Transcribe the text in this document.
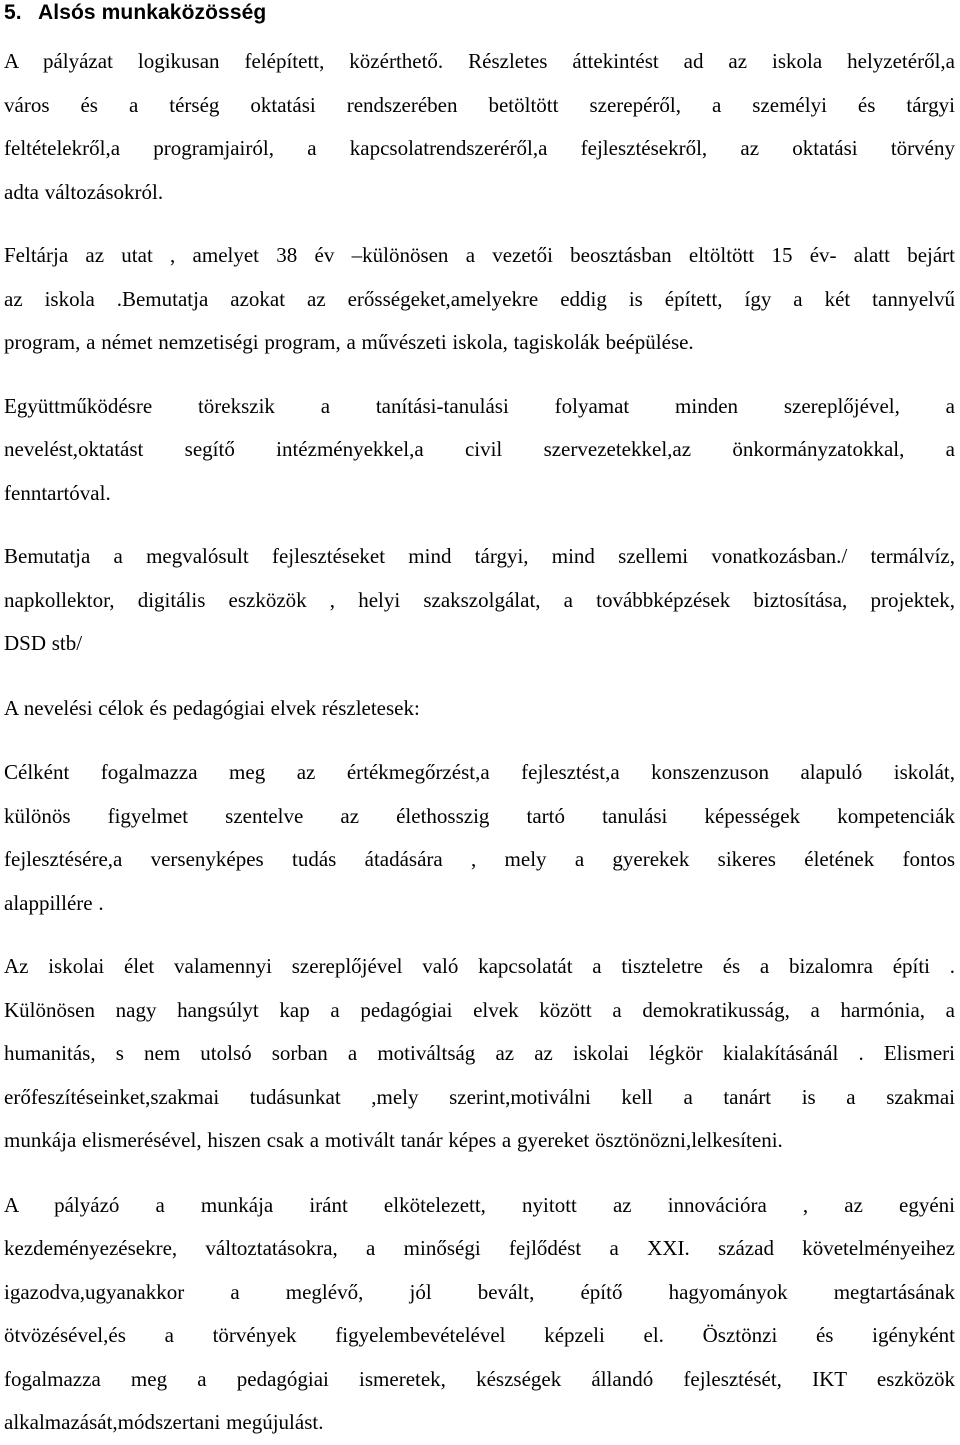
5. Alsós munkaközösség

A pályázat logikusan felépített, közérthető. Részletes áttekintést ad az iskola helyzetéről,a
város és a térség oktatási rendszerében betöltött szerepéről, a személyi és tárgyi
feltételekről,a programjairól, a kapcsolatrendszeréről,a fejlesztésekről, az oktatási törvény
adta változásokról.

Feltárja az utat , amelyet 38 év –különösen a vezetői beosztásban eltöltött 15 év- alatt bejárt
az iskola .Bemutatja azokat az erősségeket,amelyekre eddig is épített, így a két tannyelvű
program, a német nemzetiségi program, a művészeti iskola, tagiskolák beépülése.

Együttműködésre törekszik a tanítási-tanulási folyamat minden szereplőjével, a
nevelést,oktatást segítő intézményekkel,a civil szervezetekkel,az önkormányzatokkal, a
fenntartóval.

Bemutatja a megvalósult fejlesztéseket mind tárgyi, mind szellemi vonatkozásban./ termálvíz,
napkollektor, digitális eszközök , helyi szakszolgálat, a továbbképzések biztosítása, projektek,
DSD stb/

A nevelési célok és pedagógiai elvek részletesek:

Célként fogalmazza meg az értékmegőrzést,a fejlesztést,a konszenzuson alapuló iskolát,
különös figyelmet szentelve az élethosszig tartó tanulási képességek kompetenciák
fejlesztésére,a versenyképes tudás átadására , mely a gyerekek sikeres életének fontos
alappillére .

Az iskolai élet valamennyi szereplőjével való kapcsolatát a tiszteletre és a bizalomra építi .
Különösen nagy hangsúlyt kap a pedagógiai elvek között a demokratikusság, a harmónia, a
humanitás, s nem utolsó sorban a motiváltság az az iskolai légkör kialakításánál . Elismeri
erőfeszítéseinket,szakmai tudásunkat ,mely szerint,motiválni kell a tanárt is a szakmai
munkája elismerésével, hiszen csak a motivált tanár képes a gyereket ösztönözni,lelkesíteni.

A pályázó a munkája iránt elkötelezett, nyitott az innovációra , az egyéni
kezdeményezésekre, változtatásokra, a minőségi fejlődést a XXI. század követelményeihez
igazodva,ugyanakkor a meglévő, jól bevált, építő hagyományok megtartásának
ötvözésével,és a törvények figyelembevételével képzeli el. Ösztönzi és igényként
fogalmazza meg a pedagógiai ismeretek, készségek állandó fejlesztését, IKT eszközök
alkalmazását,módszertani megújulást.
